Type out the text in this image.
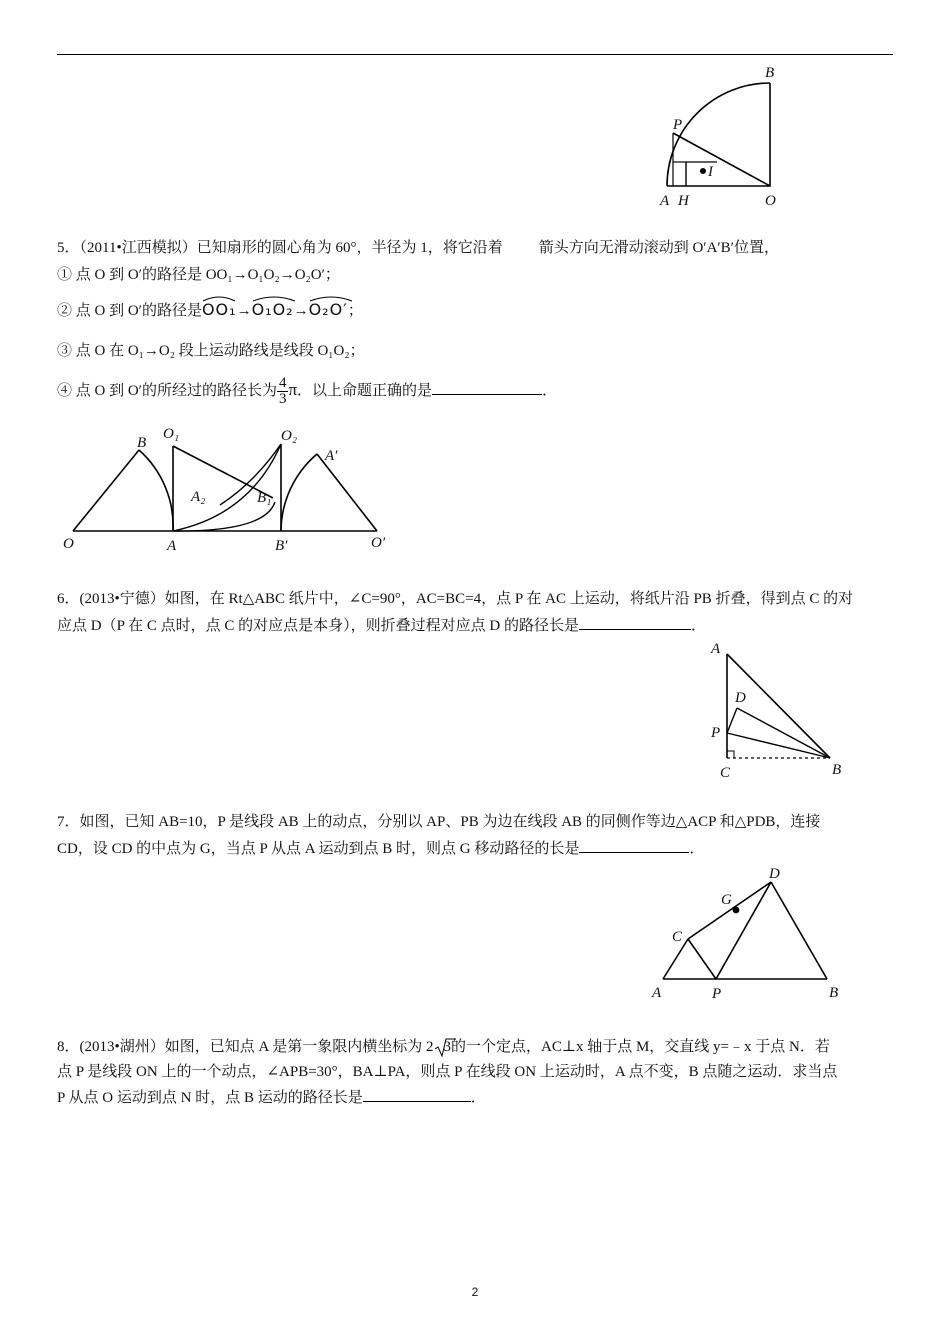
B
P
I
A H	O
5．（2011•江西模拟）已知扇形的圆心角为 60°，半径为 1，将它沿着 箭头方向无滑动滚动到 O′A′B′位置，
① 点 O 到 O′的路径是 OO₁→O₁O₂→O₂O′；
② 点 O 到 O′的路径是OO₁
→O₁O₂
→O₂O′
；
③ 点 O 在 O₁→O₂ 段上运动路线是线段 O₁O₂；
④ 点 O 到 O′的所经过的路径长为 $\frac{4}{3}$ π．以上命题正确的是	．
B
O₁	O₂
A′
A₂	B₁
O	A	B′	O′
6．(2013•宁德）如图，在 Rt△ABC 纸片中，∠C=90°，AC=BC=4，点 P 在 AC 上运动，将纸片沿 PB 折叠，得到点 C 的对
应点 D（P 在 C 点时，点 C 的对应点是本身），则折叠过程对应点 D 的路径长是	．
A
D
P
C	B
7．如图，已知 AB=10，P 是线段 AB 上的动点，分别以 AP、PB 为边在线段 AB 的同侧作等边△ACP 和△PDB，连接
CD，设 CD 的中点为 G，当点 P 从点 A 运动到点 B 时，则点 G 移动路径的长是	．
D
G
C
A	P	B
8．(2013•湖州）如图，已知点 A 是第一象限内横坐标为 2 3的一个定点，AC⊥x 轴于点 M，交直线 y=﹣x 于点 N．若
点 P 是线段 ON 上的一个动点，∠APB=30°，BA⊥PA，则点 P 在线段 ON 上运动时，A 点不变，B 点随之运动．求当点
P 从点 O 运动到点 N 时，点 B 运动的路径长是	．
2
